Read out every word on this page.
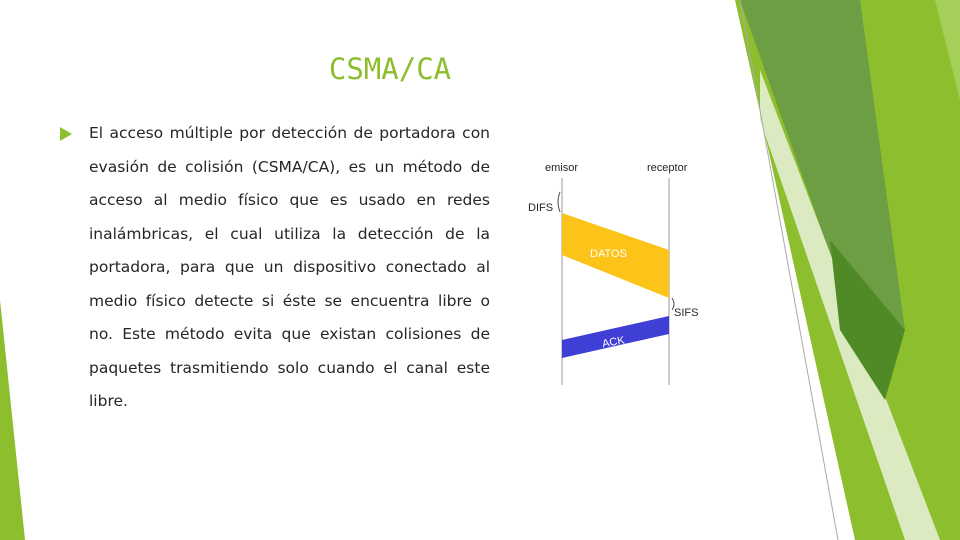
CSMA/CA

El acceso múltiple por detección de portadora con evasión de colisión (CSMA/CA), es un método de acceso al medio físico que es usado en redes inalámbricas, el cual utiliza la detección de la portadora, para que un dispositivo conectado al medio físico detecte si éste se encuentra libre o no. Este método evita que existan colisiones de paquetes trasmitiendo solo cuando el canal este libre.

emisor	receptor
DIFS
DATOS
SIFS
ACK
